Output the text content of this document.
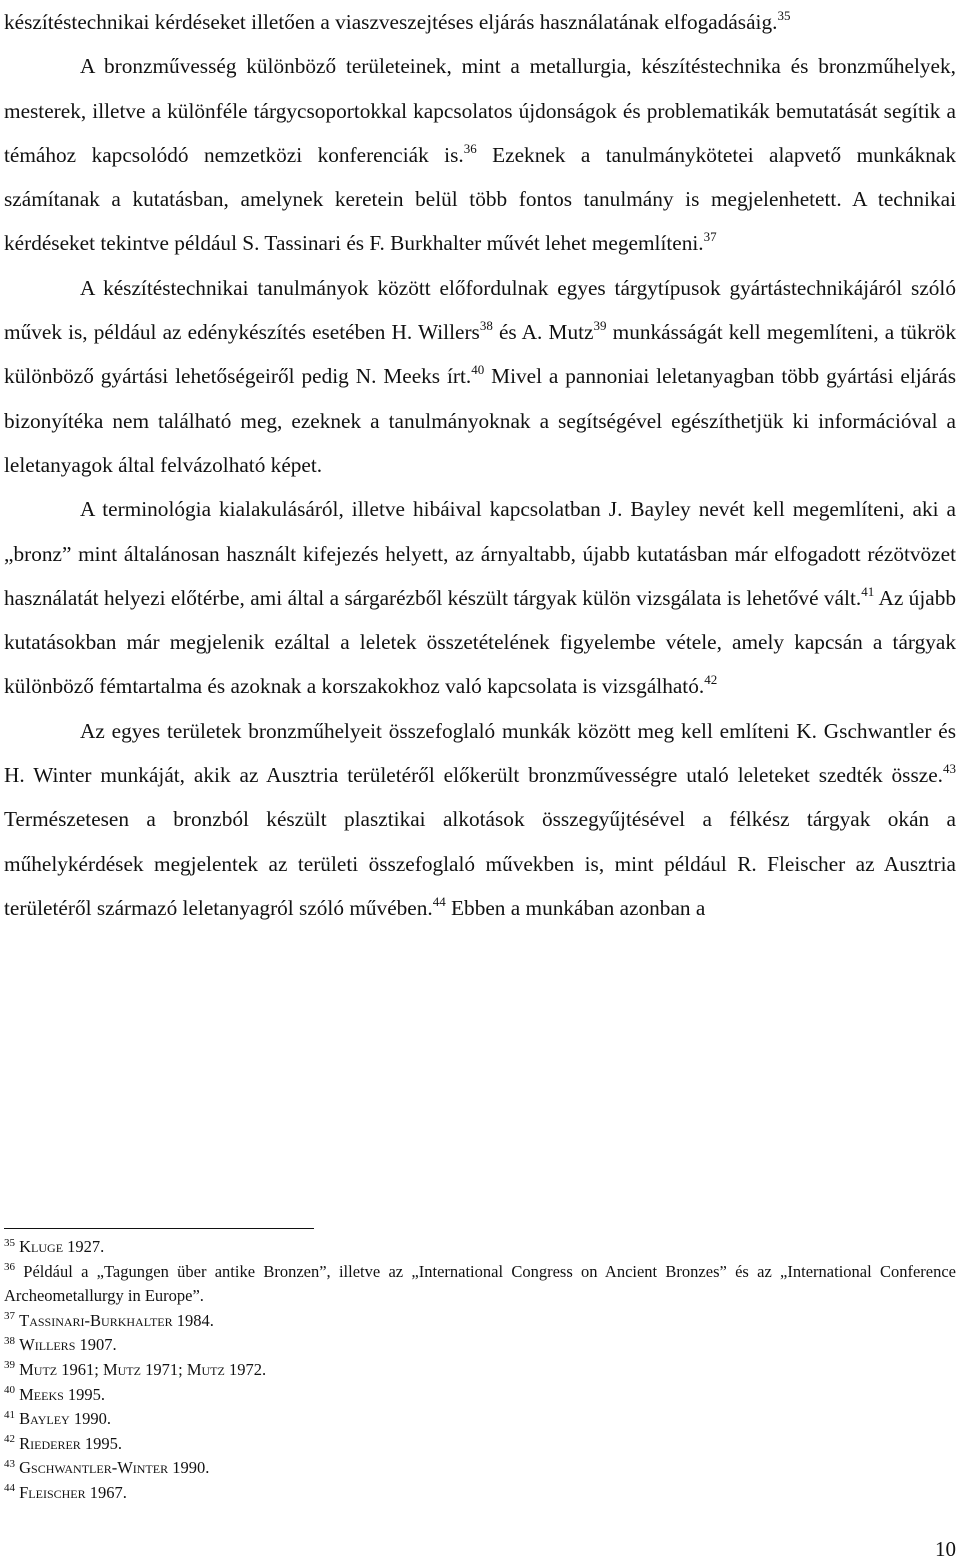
készítéstechnikai kérdéseket illetően a viaszveszejtéses eljárás használatának elfogadásáig.$^{35}$

A bronzművesség különböző területeinek, mint a metallurgia, készítéstechnika és bronzműhelyek, mesterek, illetve a különféle tárgycsoportokkal kapcsolatos újdonságok és problematikák bemutatását segítik a témához kapcsolódó nemzetközi konferenciák is.$^{36}$ Ezeknek a tanulmánykötetei alapvető munkáknak számítanak a kutatásban, amelynek keretein belül több fontos tanulmány is megjelenhetett. A technikai kérdéseket tekintve például S. Tassinari és F. Burkhalter művét lehet megemlíteni.$^{37}$

A készítéstechnikai tanulmányok között előfordulnak egyes tárgytípusok gyártástechnikájáról szóló művek is, például az edénykészítés esetében H. Willers$^{38}$ és A. Mutz$^{39}$ munkásságát kell megemlíteni, a tükrök különböző gyártási lehetőségeiről pedig N. Meeks írt.$^{40}$ Mivel a pannoniai leletanyagban több gyártási eljárás bizonyítéka nem található meg, ezeknek a tanulmányoknak a segítségével egészíthetjük ki információval a leletanyagok által felvázolható képet.

A terminológia kialakulásáról, illetve hibáival kapcsolatban J. Bayley nevét kell megemlíteni, aki a „bronz” mint általánosan használt kifejezés helyett, az árnyaltabb, újabb kutatásban már elfogadott rézötvözet használatát helyezi előtérbe, ami által a sárgarézből készült tárgyak külön vizsgálata is lehetővé vált.$^{41}$ Az újabb kutatásokban már megjelenik ezáltal a leletek összetételének figyelembe vétele, amely kapcsán a tárgyak különböző fémtartalma és azoknak a korszakokhoz való kapcsolata is vizsgálható.$^{42}$

Az egyes területek bronzműhelyeit összefoglaló munkák között meg kell említeni K. Gschwantler és H. Winter munkáját, akik az Ausztria területéről előkerült bronzművességre utaló leleteket szedték össze.$^{43}$ Természetesen a bronzból készült plasztikai alkotások összegyűjtésével a félkész tárgyak okán a műhelykérdések megjelentek az területi összefoglaló művekben is, mint például R. Fleischer az Ausztria területéről származó leletanyagról szóló művében.$^{44}$ Ebben a munkában azonban a

$^{35}$ Kluge 1927.

$^{36}$ Például a „Tagungen über antike Bronzen”, illetve az „International Congress on Ancient Bronzes” és az „International Conference Archeometallurgy in Europe”.

$^{37}$ Tassinari-Burkhalter 1984.

$^{38}$ Willers 1907.

$^{39}$ Mutz 1961; Mutz 1971; Mutz 1972.

$^{40}$ Meeks 1995.

$^{41}$ Bayley 1990.

$^{42}$ Riederer 1995.

$^{43}$ Gschwantler-Winter 1990.

$^{44}$ Fleischer 1967.

10
